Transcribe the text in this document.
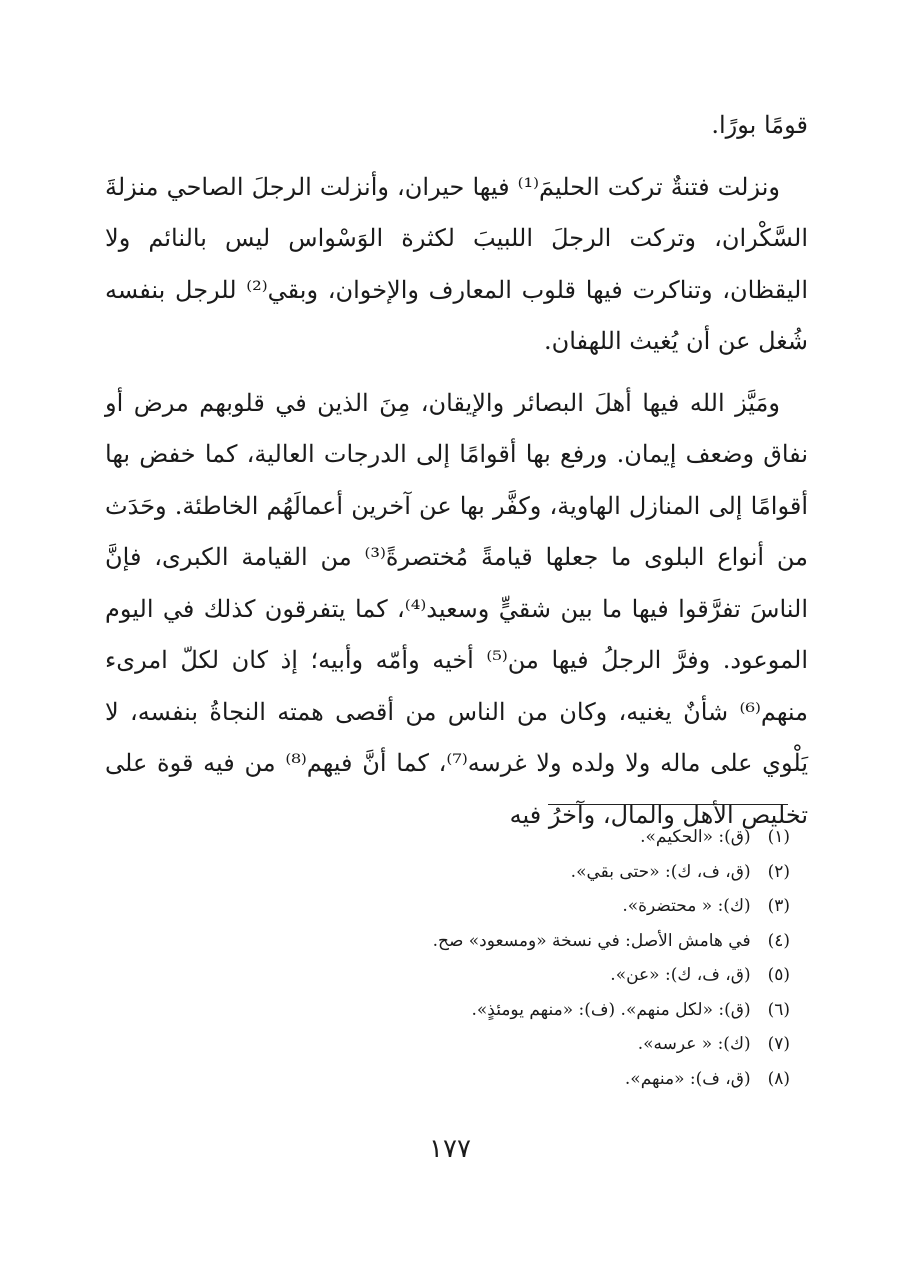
قومًا بورًا.

ونزلت فتنةٌ تركت الحليمَ⁽¹⁾ فيها حيران، وأنزلت الرجلَ الصاحي منزلةَ السَّكْران، وتركت الرجلَ اللبيبَ لكثرة الوَسْواس ليس بالنائم ولا اليقظان، وتناكرت فيها قلوب المعارف والإخوان، وبقي⁽²⁾ للرجل بنفسه شُغل عن أن يُغيث اللهفان.

ومَيَّز الله فيها أهلَ البصائر والإيقان، مِنَ الذين في قلوبهم مرض أو نفاق وضعف إيمان. ورفع بها أقوامًا إلى الدرجات العالية، كما خفض بها أقوامًا إلى المنازل الهاوية، وكفَّر بها عن آخرين أعمالَهُم الخاطئة. وحَدَث من أنواع البلوى ما جعلها قيامةً مُختصرةً⁽³⁾ من القيامة الكبرى، فإنَّ الناسَ تفرَّقوا فيها ما بين شقيٍّ وسعيد⁽⁴⁾، كما يتفرقون كذلك في اليوم الموعود. وفرَّ الرجلُ فيها من⁽⁵⁾ أخيه وأمّه وأبيه؛ إذ كان لكلّ امرىء منهم⁽⁶⁾ شأنٌ يغنيه، وكان من الناس من أقصى همته النجاةُ بنفسه، لا يَلْوي على ماله ولا ولده ولا غرسه⁽⁷⁾، كما أنَّ فيهم⁽⁸⁾ من فيه قوة على تخليص الأهل والمال، وآخرُ فيه

(١) (ق): «الحكيم».
(٢) (ق، ف، ك): «حتى بقي».
(٣) (ك): « محتضرة».
(٤) في هامش الأصل: في نسخة «ومسعود» صح.
(٥) (ق، ف، ك): «عن».
(٦) (ق): «لكل منهم». (ف): «منهم يومئذٍ».
(٧) (ك): « عرسه».
(٨) (ق، ف): «منهم».
١٧٧
